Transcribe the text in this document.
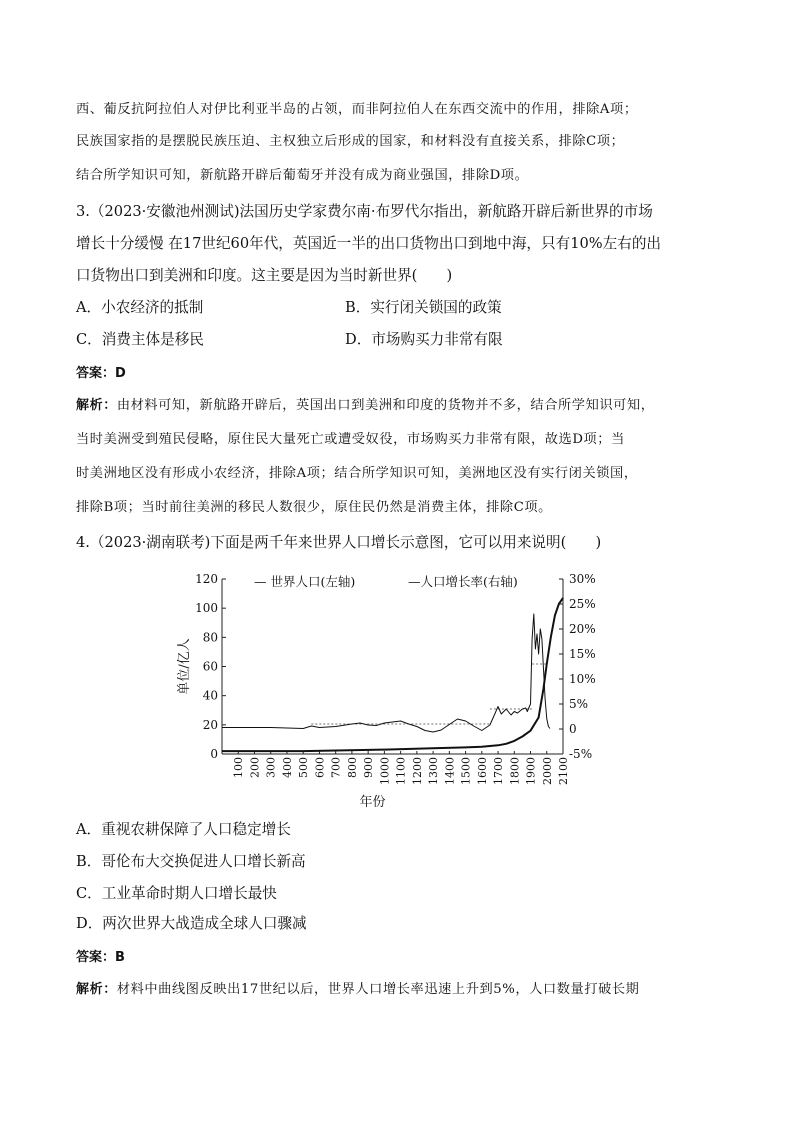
西、葡反抗阿拉伯人对伊比利亚半岛的占领，而非阿拉伯人在东西交流中的作用，排除A项；
民族国家指的是摆脱民族压迫、主权独立后形成的国家，和材料没有直接关系，排除C项；
结合所学知识可知，新航路开辟后葡萄牙并没有成为商业强国，排除D项。
3.（2023·安徽池州测试)法国历史学家费尔南·布罗代尔指出，新航路开辟后新世界的市场
增长十分缓慢 在17世纪60年代，英国近一半的出口货物出口到地中海，只有10%左右的出
口货物出口到美洲和印度。这主要是因为当时新世界(　　)
A．小农经济的抵制	B．实行闭关锁国的政策
C．消费主体是移民	D．市场购买力非常有限
答案：D
解析：由材料可知，新航路开辟后，英国出口到美洲和印度的货物并不多，结合所学知识可知，
当时美洲受到殖民侵略，原住民大量死亡或遭受奴役，市场购买力非常有限，故选D项；当
时美洲地区没有形成小农经济，排除A项；结合所学知识可知，美洲地区没有实行闭关锁国，
排除B项；当时前往美洲的移民人数很少，原住民仍然是消费主体，排除C项。
4.（2023·湖南联考)下面是两千年来世界人口增长示意图，它可以用来说明(　　)
0
20
40
60
80
100
120
-5%
0
5%
10%
15%
20%
25%
30%
100 200 300 400 500 600 700 800 900 1000 1100 1200 1300 1400 1500 1600 1700 1800 1900 2000 2100
年份
单位/亿人
— 世界人口(左轴)	—人口增长率(右轴)
A．重视农耕保障了人口稳定增长
B．哥伦布大交换促进人口增长新高
C．工业革命时期人口增长最快
D．两次世界大战造成全球人口骤减
答案：B
解析：材料中曲线图反映出17世纪以后，世界人口增长率迅速上升到5%，人口数量打破长期
